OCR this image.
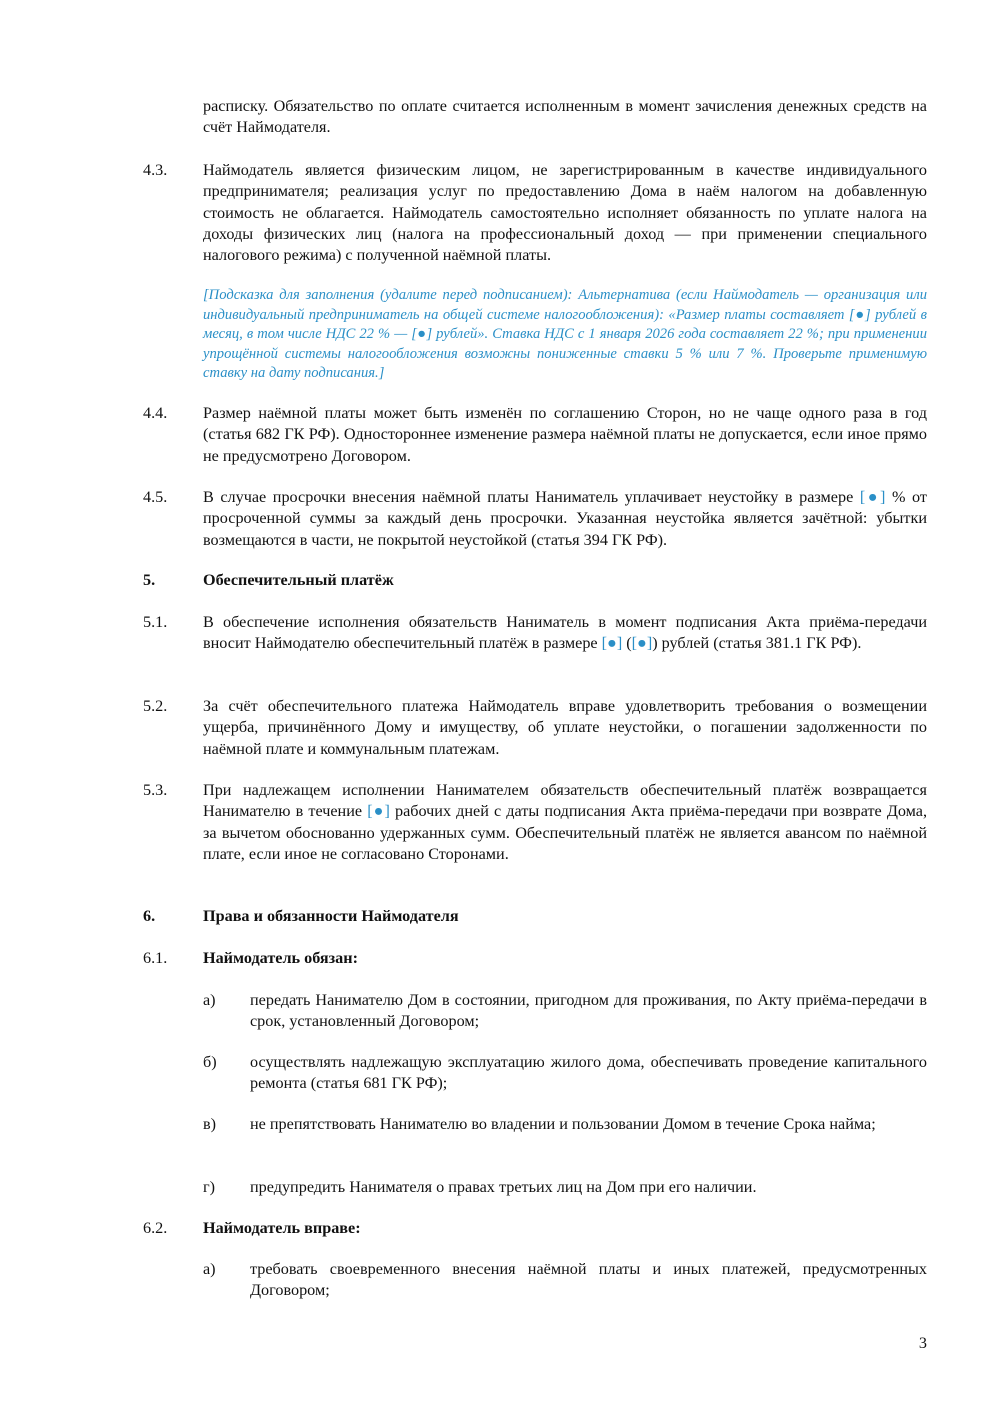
расписку. Обязательство по оплате считается исполненным в момент зачисления денежных средств на счёт Наймодателя.
4.3. Наймодатель является физическим лицом, не зарегистрированным в качестве индивидуального предпринимателя; реализация услуг по предоставлению Дома в наём налогом на добавленную стоимость не облагается. Наймодатель самостоятельно исполняет обязанность по уплате налога на доходы физических лиц (налога на профессиональный доход — при применении специального налогового режима) с полученной наёмной платы.
[Подсказка для заполнения (удалите перед подписанием): Альтернатива (если Наймодатель — организация или индивидуальный предприниматель на общей системе налогообложения): «Размер платы составляет [●] рублей в месяц, в том числе НДС 22 % — [●] рублей». Ставка НДС с 1 января 2026 года составляет 22 %; при применении упрощённой системы налогообложения возможны пониженные ставки 5 % или 7 %. Проверьте применимую ставку на дату подписания.]
4.4. Размер наёмной платы может быть изменён по соглашению Сторон, но не чаще одного раза в год (статья 682 ГК РФ). Одностороннее изменение размера наёмной платы не допускается, если иное прямо не предусмотрено Договором.
4.5. В случае просрочки внесения наёмной платы Наниматель уплачивает неустойку в размере [●] % от просроченной суммы за каждый день просрочки. Указанная неустойка является зачётной: убытки возмещаются в части, не покрытой неустойкой (статья 394 ГК РФ).
5.	Обеспечительный платёж
5.1. В обеспечение исполнения обязательств Наниматель в момент подписания Акта приёма-передачи вносит Наймодателю обеспечительный платёж в размере [●] ([●]) рублей (статья 381.1 ГК РФ).
5.2. За счёт обеспечительного платежа Наймодатель вправе удовлетворить требования о возмещении ущерба, причинённого Дому и имуществу, об уплате неустойки, о погашении задолженности по наёмной плате и коммунальным платежам.
5.3. При надлежащем исполнении Нанимателем обязательств обеспечительный платёж возвращается Нанимателю в течение [●] рабочих дней с даты подписания Акта приёма-передачи при возврате Дома, за вычетом обоснованно удержанных сумм. Обеспечительный платёж не является авансом по наёмной плате, если иное не согласовано Сторонами.
6.	Права и обязанности Наймодателя
6.1. Наймодатель обязан:
а) передать Нанимателю Дом в состоянии, пригодном для проживания, по Акту приёма-передачи в срок, установленный Договором;
б) осуществлять надлежащую эксплуатацию жилого дома, обеспечивать проведение капитального ремонта (статья 681 ГК РФ);
в) не препятствовать Нанимателю во владении и пользовании Домом в течение Срока найма;
г) предупредить Нанимателя о правах третьих лиц на Дом при его наличии.
6.2. Наймодатель вправе:
а) требовать своевременного внесения наёмной платы и иных платежей, предусмотренных Договором;
3
